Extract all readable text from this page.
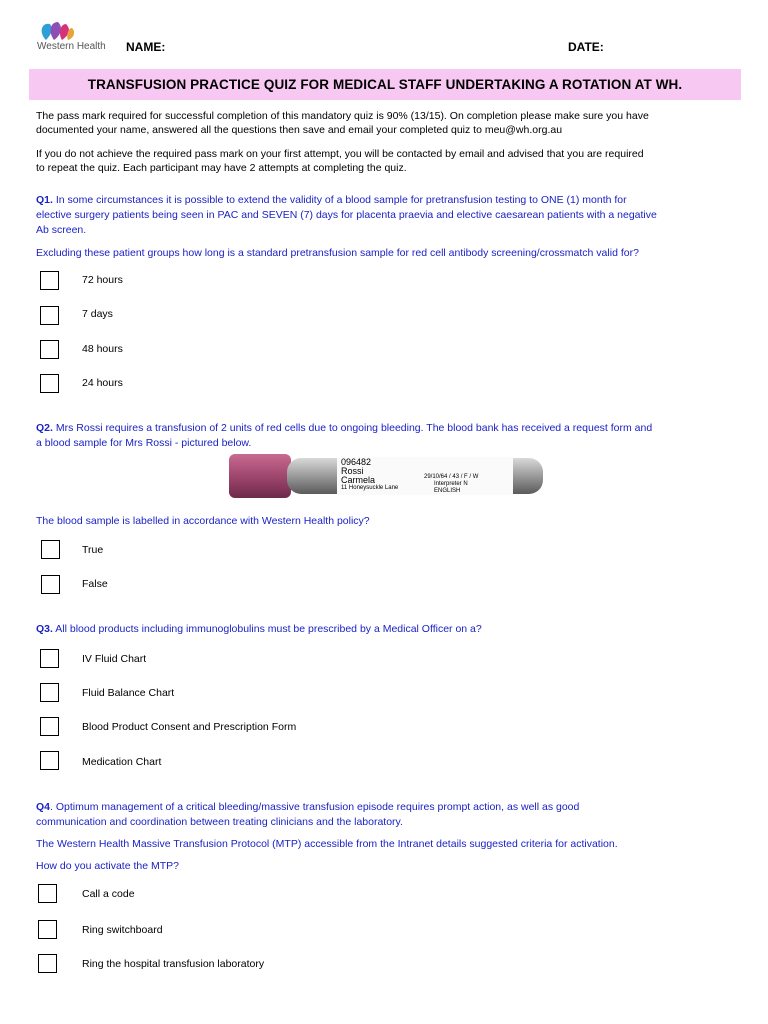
Western Health NAME:	DATE:
TRANSFUSION PRACTICE QUIZ FOR MEDICAL STAFF UNDERTAKING A ROTATION AT WH.
The pass mark required for successful completion of this mandatory quiz is 90% (13/15). On completion please make sure you have
documented your name, answered all the questions then save and email your completed quiz to meu@wh.org.au
If you do not achieve the required pass mark on your first attempt, you will be contacted by email and advised that you are required
to repeat the quiz. Each participant may have 2 attempts at completing the quiz.
Q1. In some circumstances it is possible to extend the validity of a blood sample for pretransfusion testing to ONE (1) month for
elective surgery patients being seen in PAC and SEVEN (7) days for placenta praevia and elective caesarean patients with a negative
Ab screen.
Excluding these patient groups how long is a standard pretransfusion sample for red cell antibody screening/crossmatch valid for?
72 hours
7 days
48 hours
24 hours
Q2. Mrs Rossi requires a transfusion of 2 units of red cells due to ongoing bleeding. The blood bank has received a request form and
a blood sample for Mrs Rossi - pictured below.
096482
Rossi
Carmela
11 Honeysuckle Lane
29/10/64 / 43 / F / W
Interpreter N
ENGLISH
The blood sample is labelled in accordance with Western Health policy?
True
False
Q3. All blood products including immunoglobulins must be prescribed by a Medical Officer on a?
IV Fluid Chart
Fluid Balance Chart
Blood Product Consent and Prescription Form
Medication Chart
Q4. Optimum management of a critical bleeding/massive transfusion episode requires prompt action, as well as good
communication and coordination between treating clinicians and the laboratory.
The Western Health Massive Transfusion Protocol (MTP) accessible from the Intranet details suggested criteria for activation.
How do you activate the MTP?
Call a code
Ring switchboard
Ring the hospital transfusion laboratory
